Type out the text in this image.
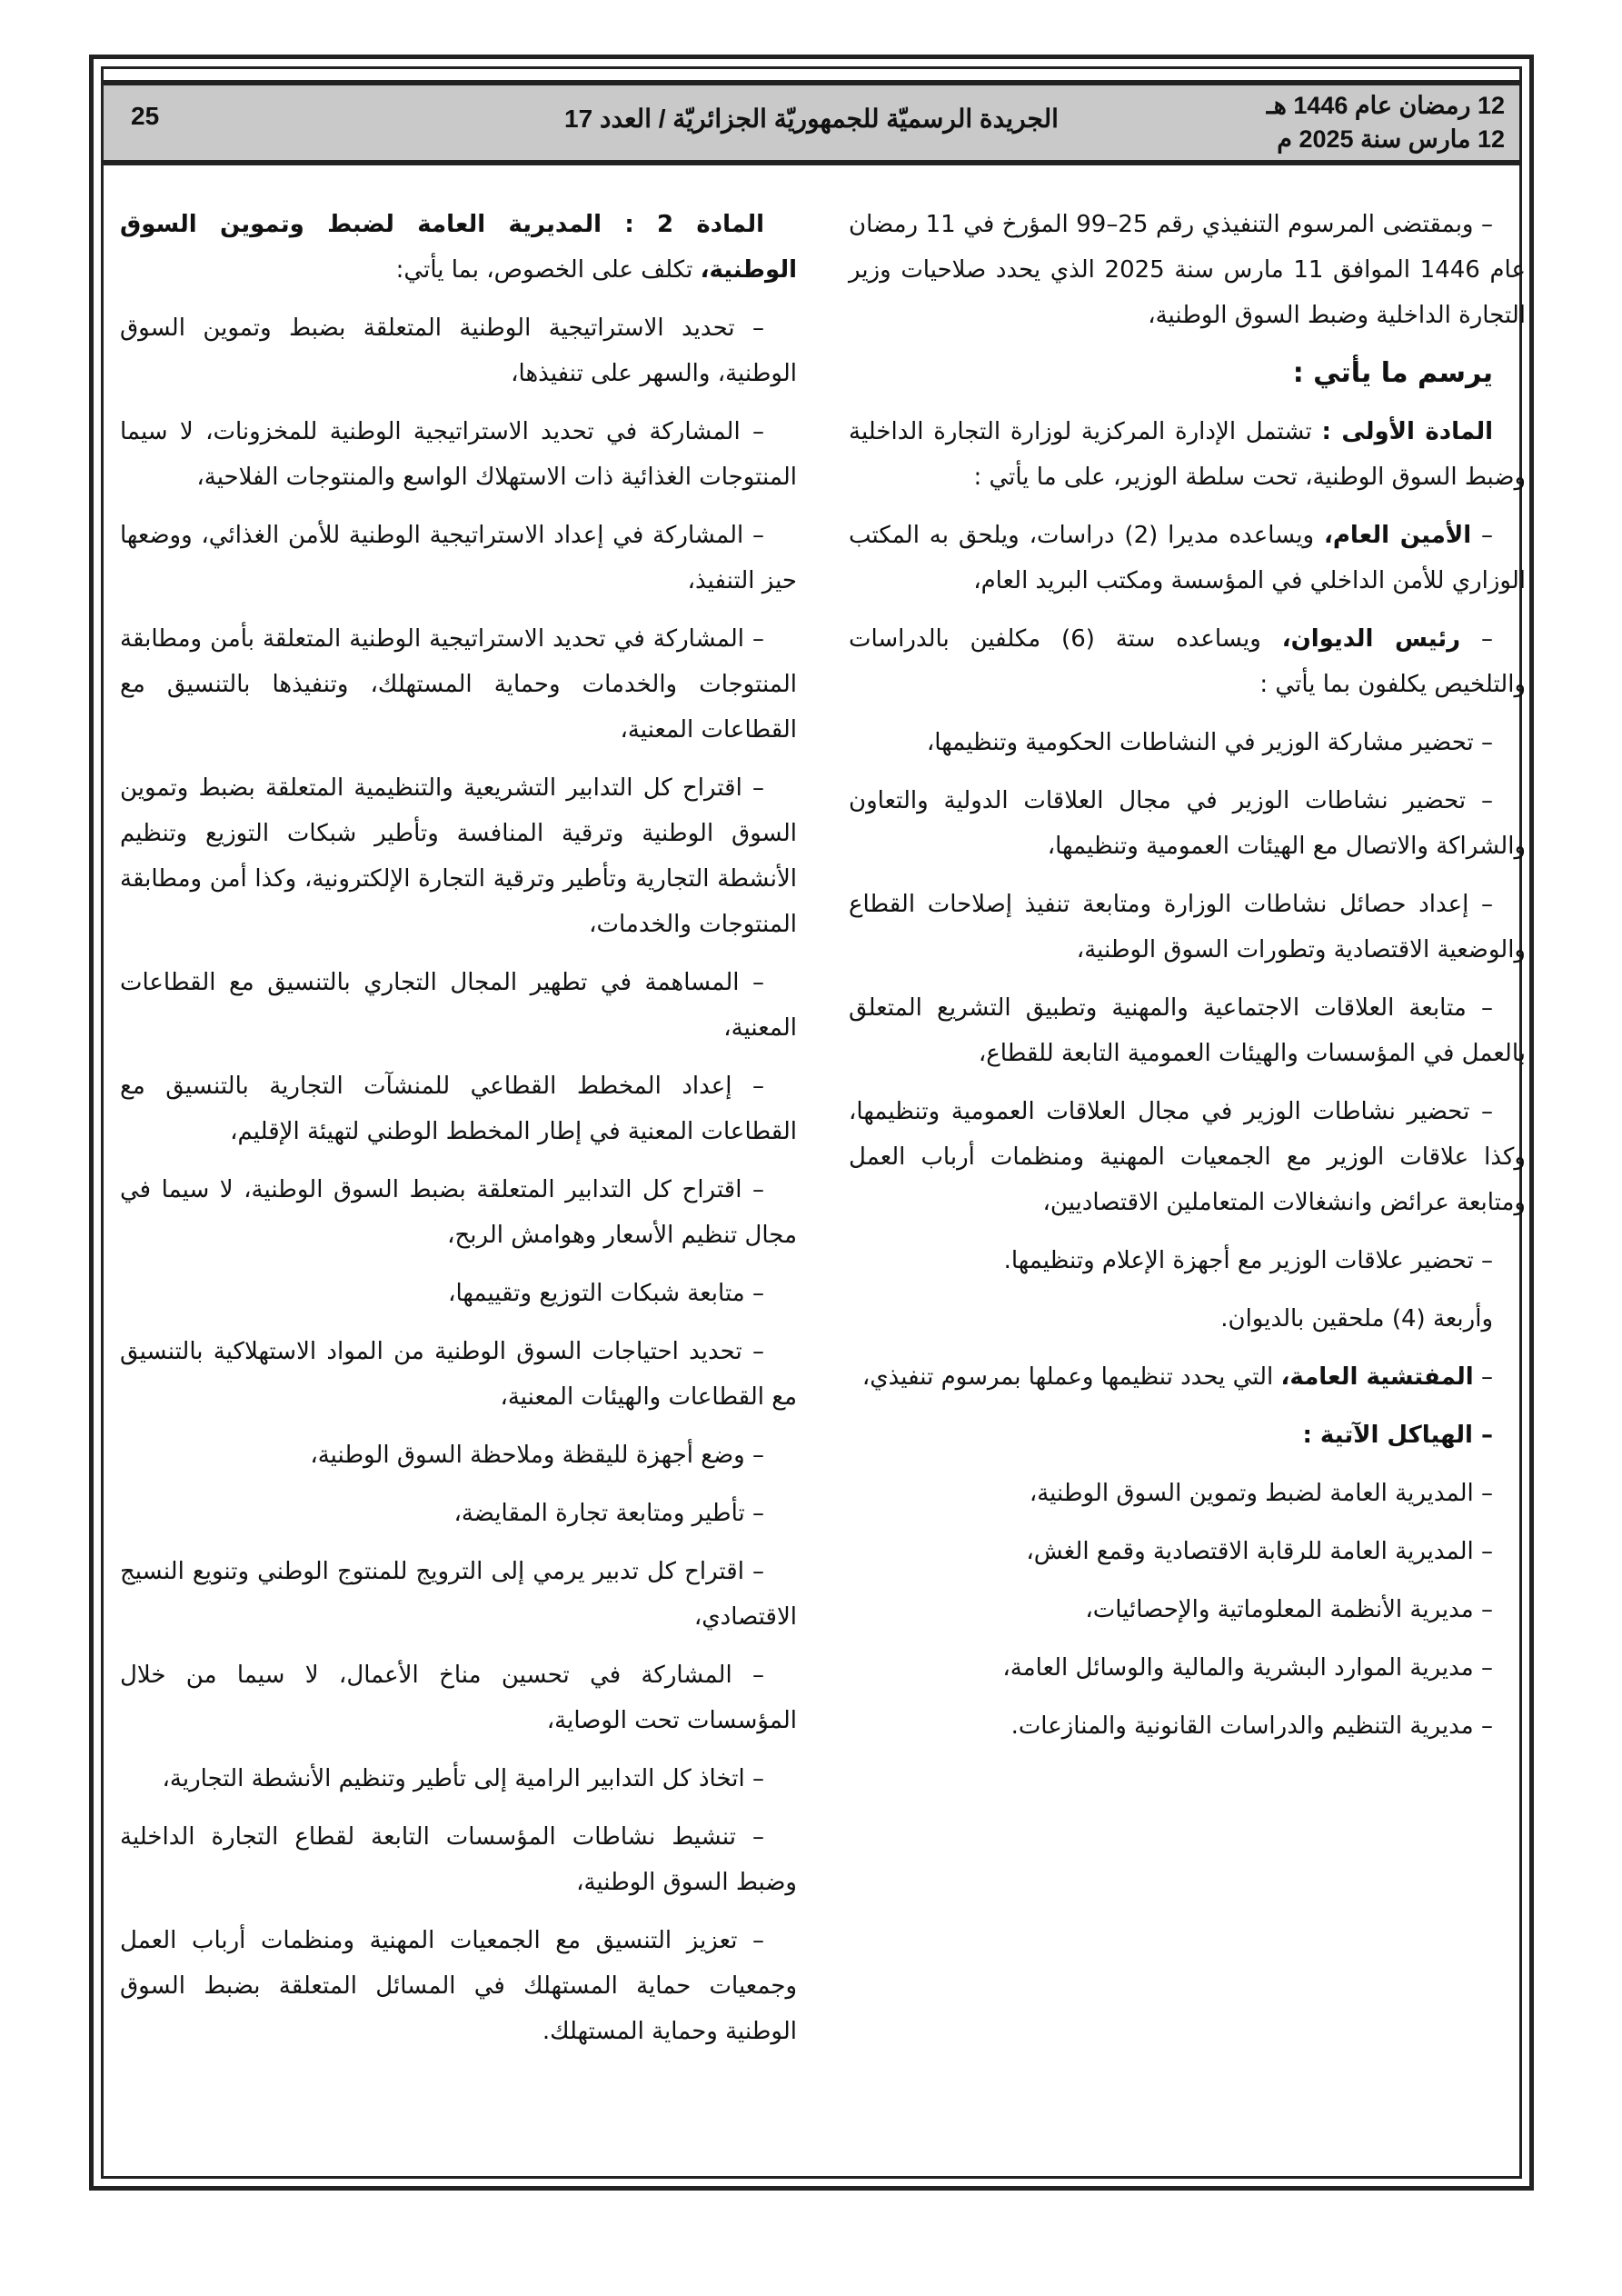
12 رمضان عام 1446 هـ
12 مارس سنة 2025 م
الجريدة الرسميّة للجمهوريّة الجزائريّة / العدد 17
25

– وبمقتضى المرسوم التنفيذي رقم 25–99 المؤرخ في 11 رمضان عام 1446 الموافق 11 مارس سنة 2025 الذي يحدد صلاحيات وزير التجارة الداخلية وضبط السوق الوطنية،

يرسم ما يأتي :

المادة الأولى : تشتمل الإدارة المركزية لوزارة التجارة الداخلية وضبط السوق الوطنية، تحت سلطة الوزير، على ما يأتي :

– الأمين العام، ويساعده مديرا (2) دراسات، ويلحق به المكتب الوزاري للأمن الداخلي في المؤسسة ومكتب البريد العام،

– رئيس الديوان، ويساعده ستة (6) مكلفين بالدراسات والتلخيص يكلفون بما يأتي :

– تحضير مشاركة الوزير في النشاطات الحكومية وتنظيمها،

– تحضير نشاطات الوزير في مجال العلاقات الدولية والتعاون والشراكة والاتصال مع الهيئات العمومية وتنظيمها،

– إعداد حصائل نشاطات الوزارة ومتابعة تنفيذ إصلاحات القطاع والوضعية الاقتصادية وتطورات السوق الوطنية،

– متابعة العلاقات الاجتماعية والمهنية وتطبيق التشريع المتعلق بالعمل في المؤسسات والهيئات العمومية التابعة للقطاع،

– تحضير نشاطات الوزير في مجال العلاقات العمومية وتنظيمها، وكذا علاقات الوزير مع الجمعيات المهنية ومنظمات أرباب العمل ومتابعة عرائض وانشغالات المتعاملين الاقتصاديين،

– تحضير علاقات الوزير مع أجهزة الإعلام وتنظيمها.

وأربعة (4) ملحقين بالديوان.

– المفتشية العامة، التي يحدد تنظيمها وعملها بمرسوم تنفيذي،

– الهياكل الآتية :

– المديرية العامة لضبط وتموين السوق الوطنية،

– المديرية العامة للرقابة الاقتصادية وقمع الغش،

– مديرية الأنظمة المعلوماتية والإحصائيات،

– مديرية الموارد البشرية والمالية والوسائل العامة،

– مديرية التنظيم والدراسات القانونية والمنازعات.

المادة 2 : المديرية العامة لضبط وتموين السوق الوطنية، تكلف على الخصوص، بما يأتي:

– تحديد الاستراتيجية الوطنية المتعلقة بضبط وتموين السوق الوطنية، والسهر على تنفيذها،

– المشاركة في تحديد الاستراتيجية الوطنية للمخزونات، لا سيما المنتوجات الغذائية ذات الاستهلاك الواسع والمنتوجات الفلاحية،

– المشاركة في إعداد الاستراتيجية الوطنية للأمن الغذائي، ووضعها حيز التنفيذ،

– المشاركة في تحديد الاستراتيجية الوطنية المتعلقة بأمن ومطابقة المنتوجات والخدمات وحماية المستهلك، وتنفيذها بالتنسيق مع القطاعات المعنية،

– اقتراح كل التدابير التشريعية والتنظيمية المتعلقة بضبط وتموين السوق الوطنية وترقية المنافسة وتأطير شبكات التوزيع وتنظيم الأنشطة التجارية وتأطير وترقية التجارة الإلكترونية، وكذا أمن ومطابقة المنتوجات والخدمات،

– المساهمة في تطهير المجال التجاري بالتنسيق مع القطاعات المعنية،

– إعداد المخطط القطاعي للمنشآت التجارية بالتنسيق مع القطاعات المعنية في إطار المخطط الوطني لتهيئة الإقليم،

– اقتراح كل التدابير المتعلقة بضبط السوق الوطنية، لا سيما في مجال تنظيم الأسعار وهوامش الربح،

– متابعة شبكات التوزيع وتقييمها،

– تحديد احتياجات السوق الوطنية من المواد الاستهلاكية بالتنسيق مع القطاعات والهيئات المعنية،

– وضع أجهزة لليقظة وملاحظة السوق الوطنية،

– تأطير ومتابعة تجارة المقايضة،

– اقتراح كل تدبير يرمي إلى الترويج للمنتوج الوطني وتنويع النسيج الاقتصادي،

– المشاركة في تحسين مناخ الأعمال، لا سيما من خلال المؤسسات تحت الوصاية،

– اتخاذ كل التدابير الرامية إلى تأطير وتنظيم الأنشطة التجارية،

– تنشيط نشاطات المؤسسات التابعة لقطاع التجارة الداخلية وضبط السوق الوطنية،

– تعزيز التنسيق مع الجمعيات المهنية ومنظمات أرباب العمل وجمعيات حماية المستهلك في المسائل المتعلقة بضبط السوق الوطنية وحماية المستهلك.
